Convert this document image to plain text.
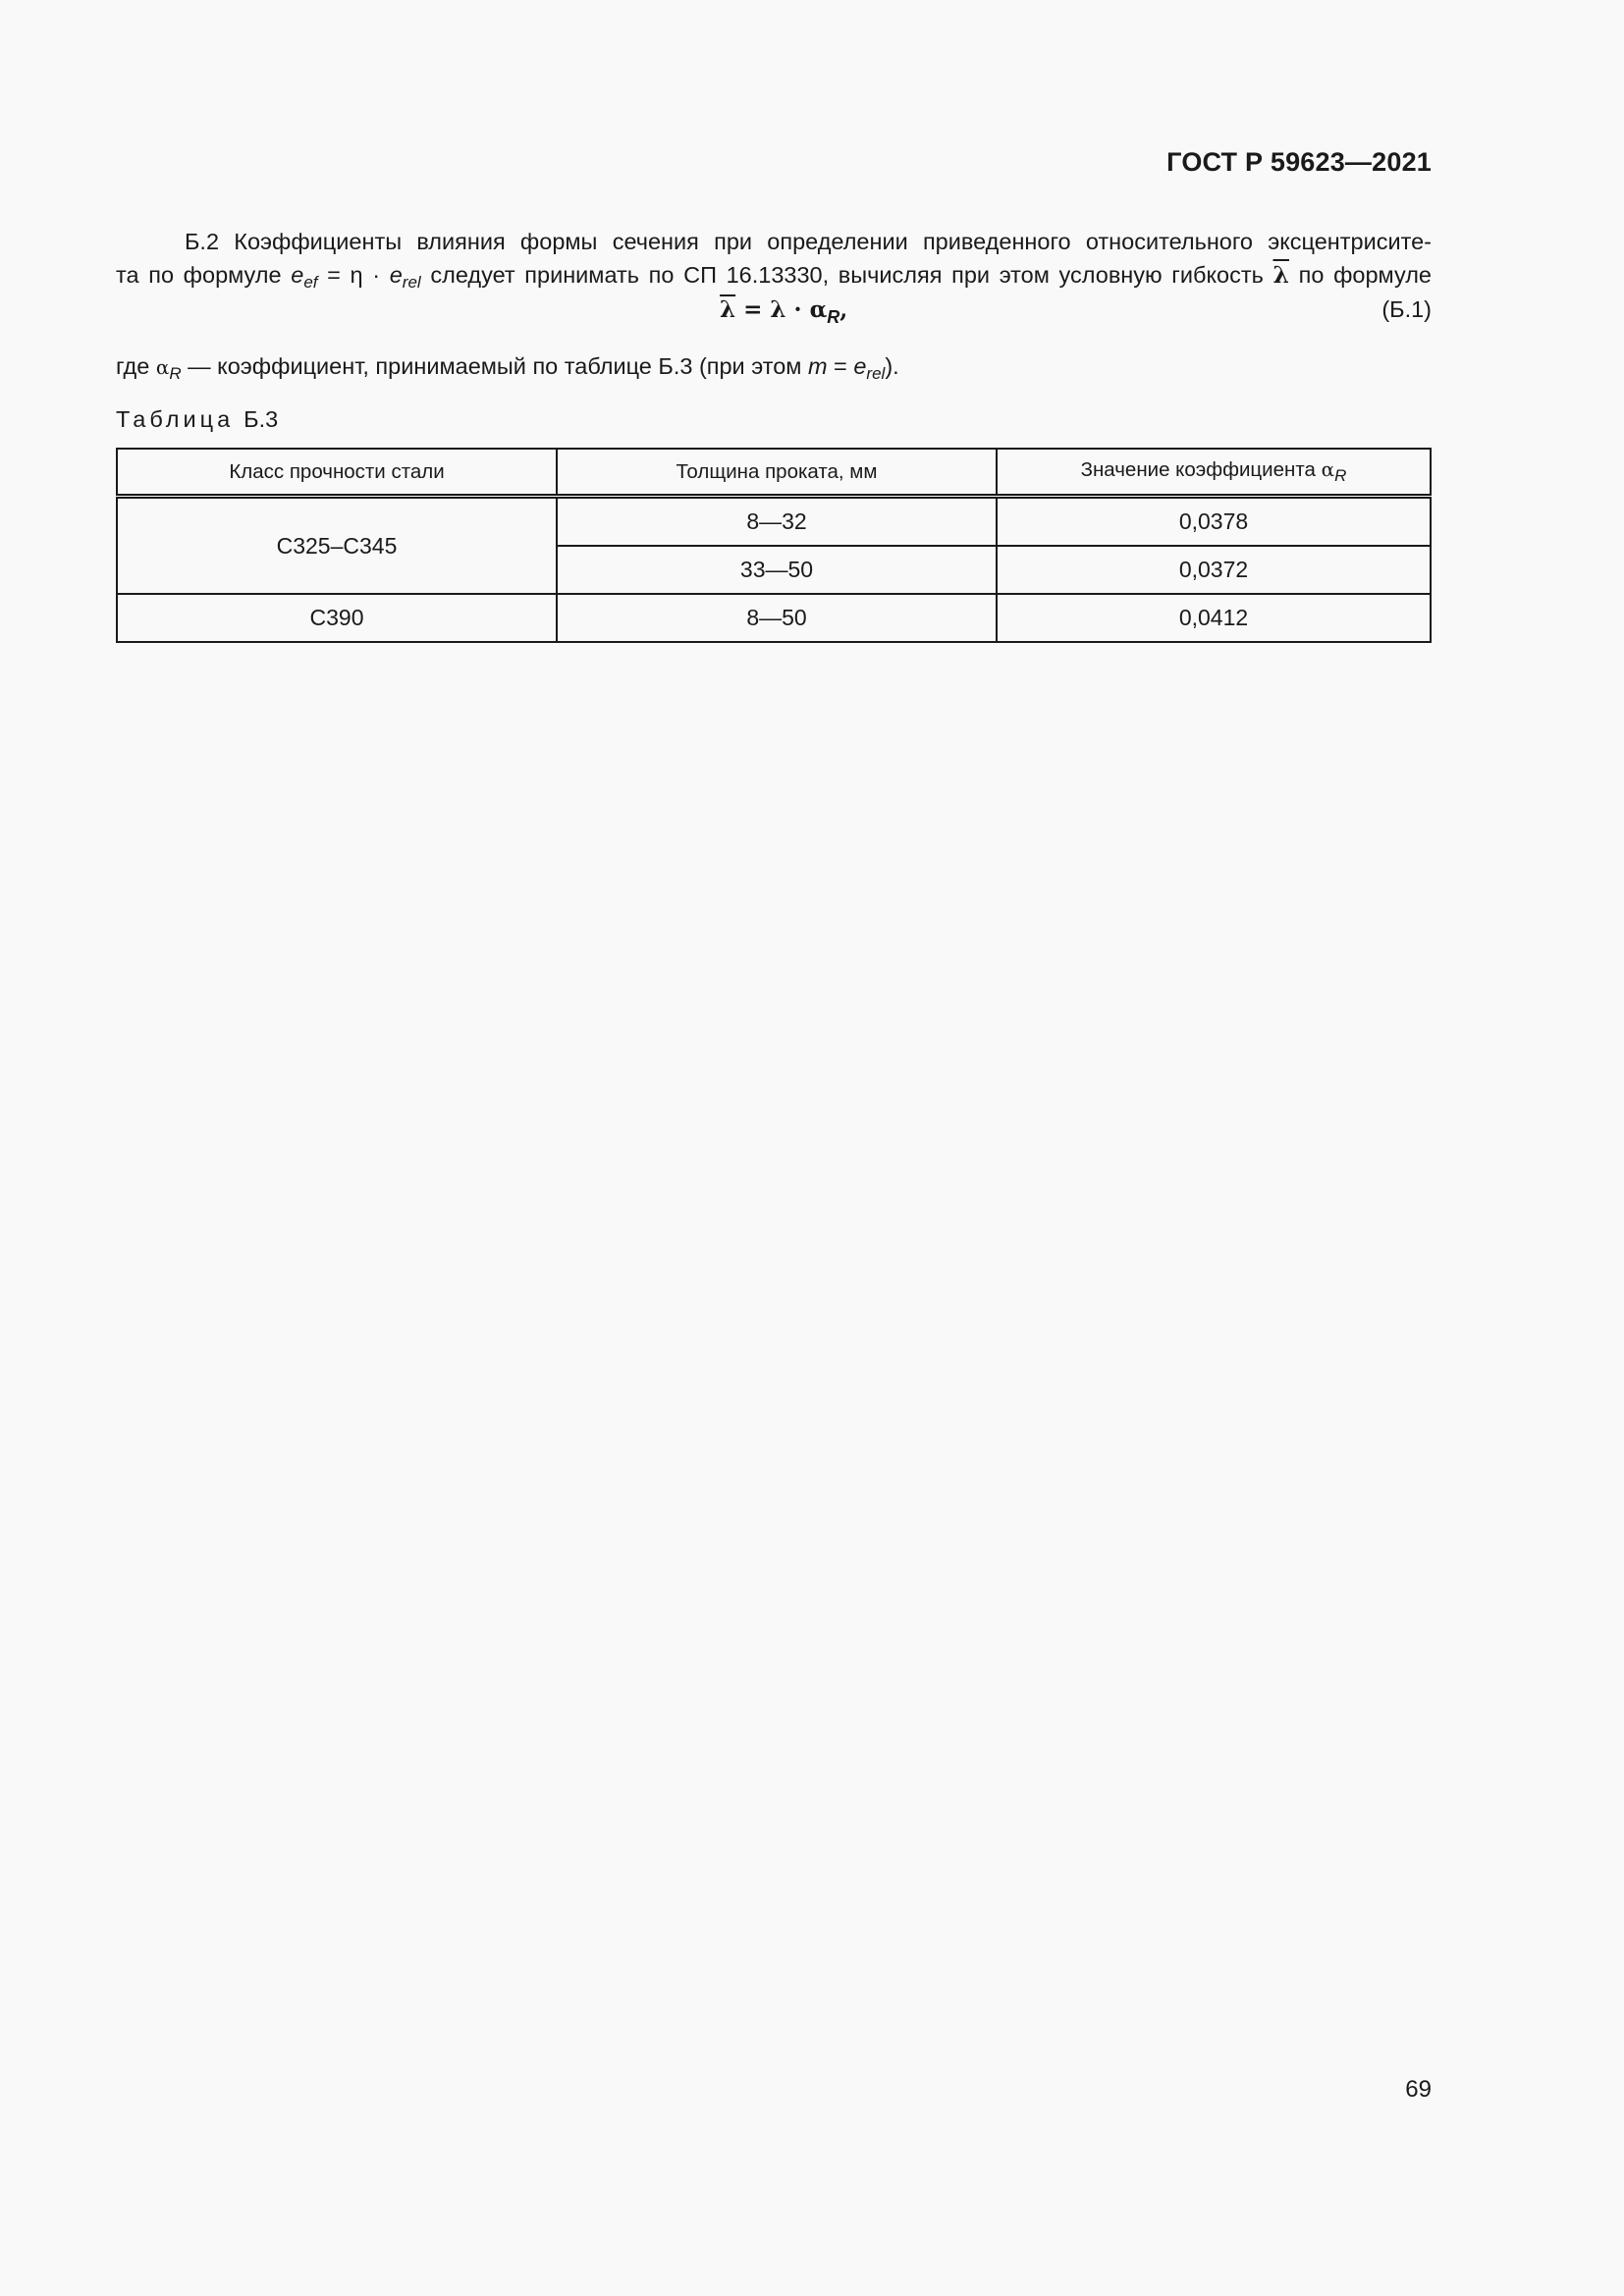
ГОСТ Р 59623—2021
Б.2 Коэффициенты влияния формы сечения при определении приведенного относительного эксцентрисите-
та по формуле $e_{ef} = \eta \cdot e_{rel}$ следует принимать по СП 16.13330, вычисляя при этом условную гибкость $\overline{\lambda}$ по формуле
$\overline{\lambda} = \lambda \cdot \alpha_R$,	(Б.1)
где $\alpha_R$ — коэффициент, принимаемый по таблице Б.3 (при этом $m = e_{rel}$).
Таблица Б.3
Класс прочности стали	Толщина проката, мм	Значение коэффициента $\alpha_R$
С325–С345	8—32	0,0378
	33—50	0,0372
С390	8—50	0,0412
69
